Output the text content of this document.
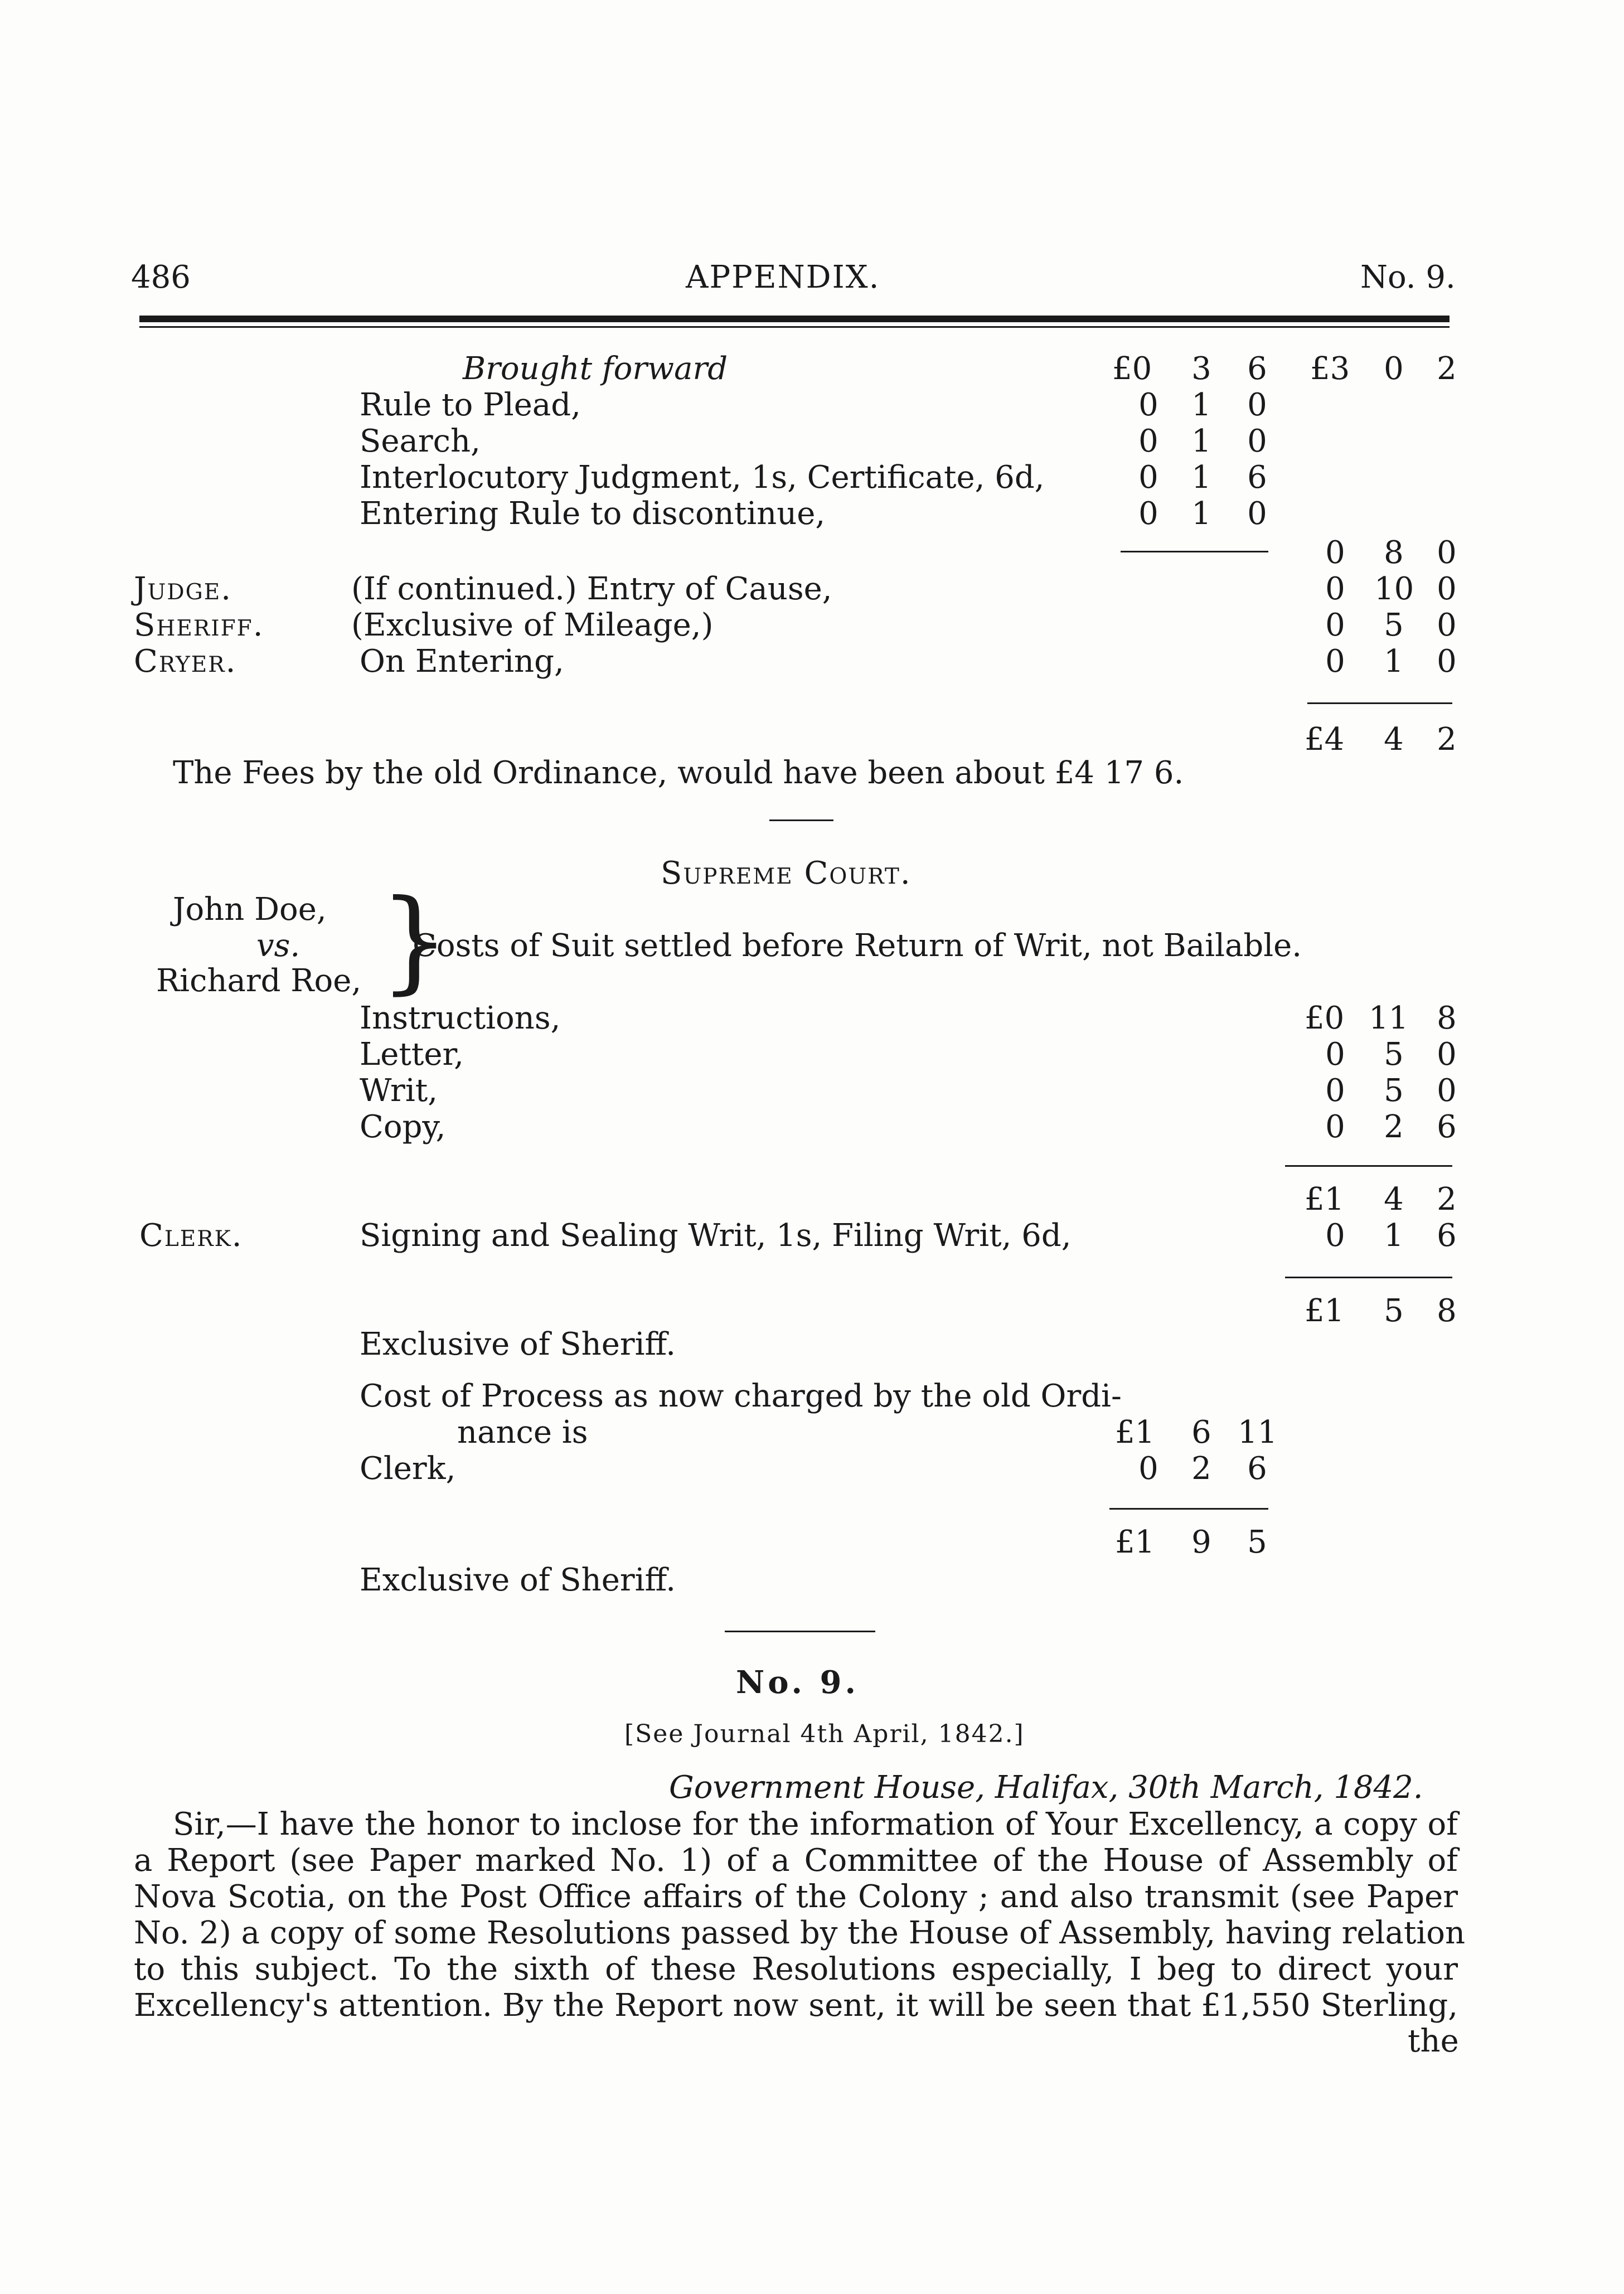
486	APPENDIX.	No. 9.
Brought forward	£0	3	6	£3	0	2
Rule to Plead,	0	1	0
Search,	0	1	0
Interlocutory Judgment, 1s, Certificate, 6d,	0	1	6
Entering Rule to discontinue,	0	1	0
0	8	0
Judge.	(If continued.) Entry of Cause,	0 10 0
Sheriff.	(Exclusive of Mileage,)	0	5	0
Cryer.	On Entering,	0	1	0
£4	4	2
The Fees by the old Ordinance, would have been about £4 17 6.
Supreme Court.
John Doe,
vs.
Richard Roe, }
Costs of Suit settled before Return of Writ, not Bailable.
Instructions,	£0 11 8
Letter,	0	5	0
Writ,	0	5	0
Copy,	0	2	6
£1	4	2
Clerk.	Signing and Sealing Writ, 1s, Filing Writ, 6d,	0	1	6
£1	5	8
Exclusive of Sheriff.
Cost of Process as now charged by the old Ordi-
nance is	£1	6 11
Clerk,	0	2	6
£1	9	5
Exclusive of Sheriff.
No. 9.
[See Journal 4th April, 1842.]
Government House, Halifax, 30th March, 1842.
Sir,—I have the honor to inclose for the information of Your Excellency, a copy of
a Report (see Paper marked No. 1) of a Committee of the House of Assembly of
Nova Scotia, on the Post Office affairs of the Colony ; and also transmit (see Paper
No. 2) a copy of some Resolutions passed by the House of Assembly, having relation
to this subject. To the sixth of these Resolutions especially, I beg to direct your
Excellency's attention. By the Report now sent, it will be seen that £1,550 Sterling,
the
